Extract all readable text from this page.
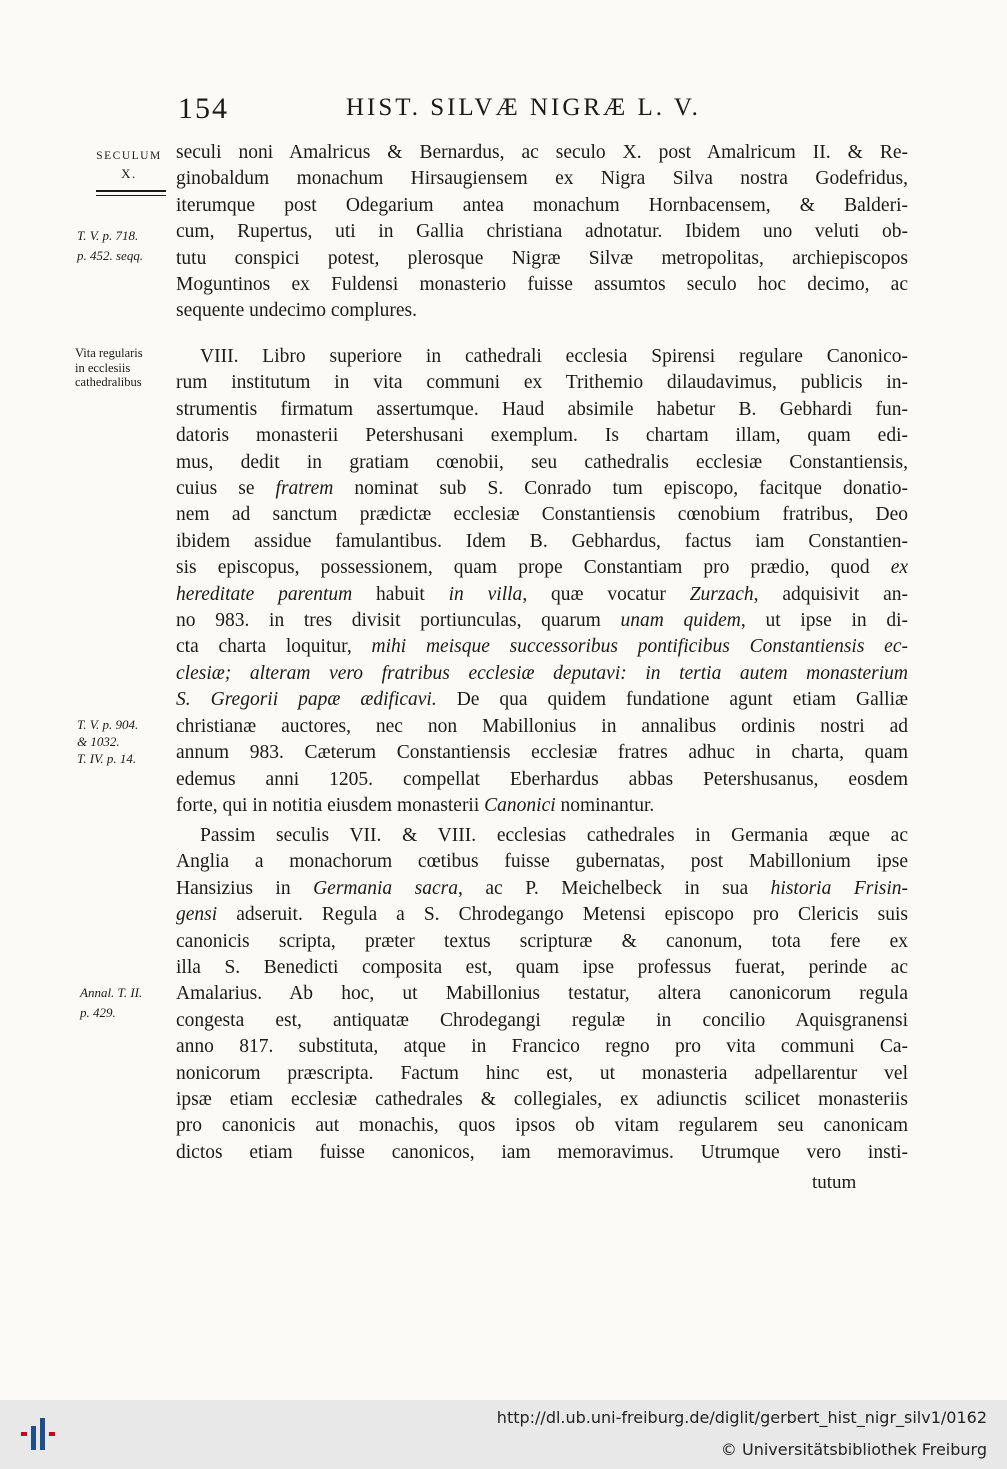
154	HIST. SILVÆ NIGRÆ L. V.
SECULUM
X.
T. V. p. 718.
p. 452. seqq.
Vita regularis
in ecclesiis
cathedralibus
T. V. p. 904.
& 1032.
T. IV. p. 14.
Annal. T. II.
p. 429.

seculi noni Amalricus & Bernardus, ac seculo X. post Amalricum II. & Re-
ginobaldum monachum Hirsaugiensem ex Nigra Silva nostra Godefridus,
iterumque post Odegarium antea monachum Hornbacensem, & Balderi-
cum, Rupertus, uti in Gallia christiana adnotatur. Ibidem uno veluti ob-
tutu conspici potest, plerosque Nigræ Silvæ metropolitas, archiepiscopos
Moguntinos ex Fuldensi monasterio fuisse assumtos seculo hoc decimo, ac
sequente undecimo complures.

VIII. Libro superiore in cathedrali ecclesia Spirensi regulare Canonico-
rum institutum in vita communi ex Trithemio dilaudavimus, publicis in-
strumentis firmatum assertumque. Haud absimile habetur B. Gebhardi fun-
datoris monasterii Petershusani exemplum. Is chartam illam, quam edi-
mus, dedit in gratiam cœnobii, seu cathedralis ecclesiæ Constantiensis,
cuius se fratrem nominat sub S. Conrado tum episcopo, facitque donatio-
nem ad sanctum prædictæ ecclesiæ Constantiensis cœnobium fratribus, Deo
ibidem assidue famulantibus. Idem B. Gebhardus, factus iam Constantien-
sis episcopus, possessionem, quam prope Constantiam pro prædio, quod ex
hereditate parentum habuit in villa, quæ vocatur Zurzach, adquisivit an-
no 983. in tres divisit portiunculas, quarum unam quidem, ut ipse in di-
cta charta loquitur, mihi meisque successoribus pontificibus Constantiensis ec-
clesiæ; alteram vero fratribus ecclesiæ deputavi: in tertia autem monasterium
S. Gregorii papæ ædificavi. De qua quidem fundatione agunt etiam Galliæ
christianæ auctores, nec non Mabillonius in annalibus ordinis nostri ad
annum 983. Cæterum Constantiensis ecclesiæ fratres adhuc in charta, quam
edemus anni 1205. compellat Eberhardus abbas Petershusanus, eosdem
forte, qui in notitia eiusdem monasterii Canonici nominantur.

Passim seculis VII. & VIII. ecclesias cathedrales in Germania æque ac
Anglia a monachorum cœtibus fuisse gubernatas, post Mabillonium ipse
Hansizius in Germania sacra, ac P. Meichelbeck in sua historia Frisin-
gensi adseruit. Regula a S. Chrodegango Metensi episcopo pro Clericis suis
canonicis scripta, præter textus scripturæ & canonum, tota fere ex
illa S. Benedicti composita est, quam ipse professus fuerat, perinde ac
Amalarius. Ab hoc, ut Mabillonius testatur, altera canonicorum regula
congesta est, antiquatæ Chrodegangi regulæ in concilio Aquisgranensi
anno 817. substituta, atque in Francico regno pro vita communi Ca-
nonicorum præscripta. Factum hinc est, ut monasteria adpellarentur vel
ipsæ etiam ecclesiæ cathedrales & collegiales, ex adiunctis scilicet monasteriis
pro canonicis aut monachis, quos ipsos ob vitam regularem seu canonicam
dictos etiam fuisse canonicos, iam memoravimus. Utrumque vero insti-

tutum
http://dl.ub.uni-freiburg.de/diglit/gerbert_hist_nigr_silv1/0162
© Universitätsbibliothek Freiburg
